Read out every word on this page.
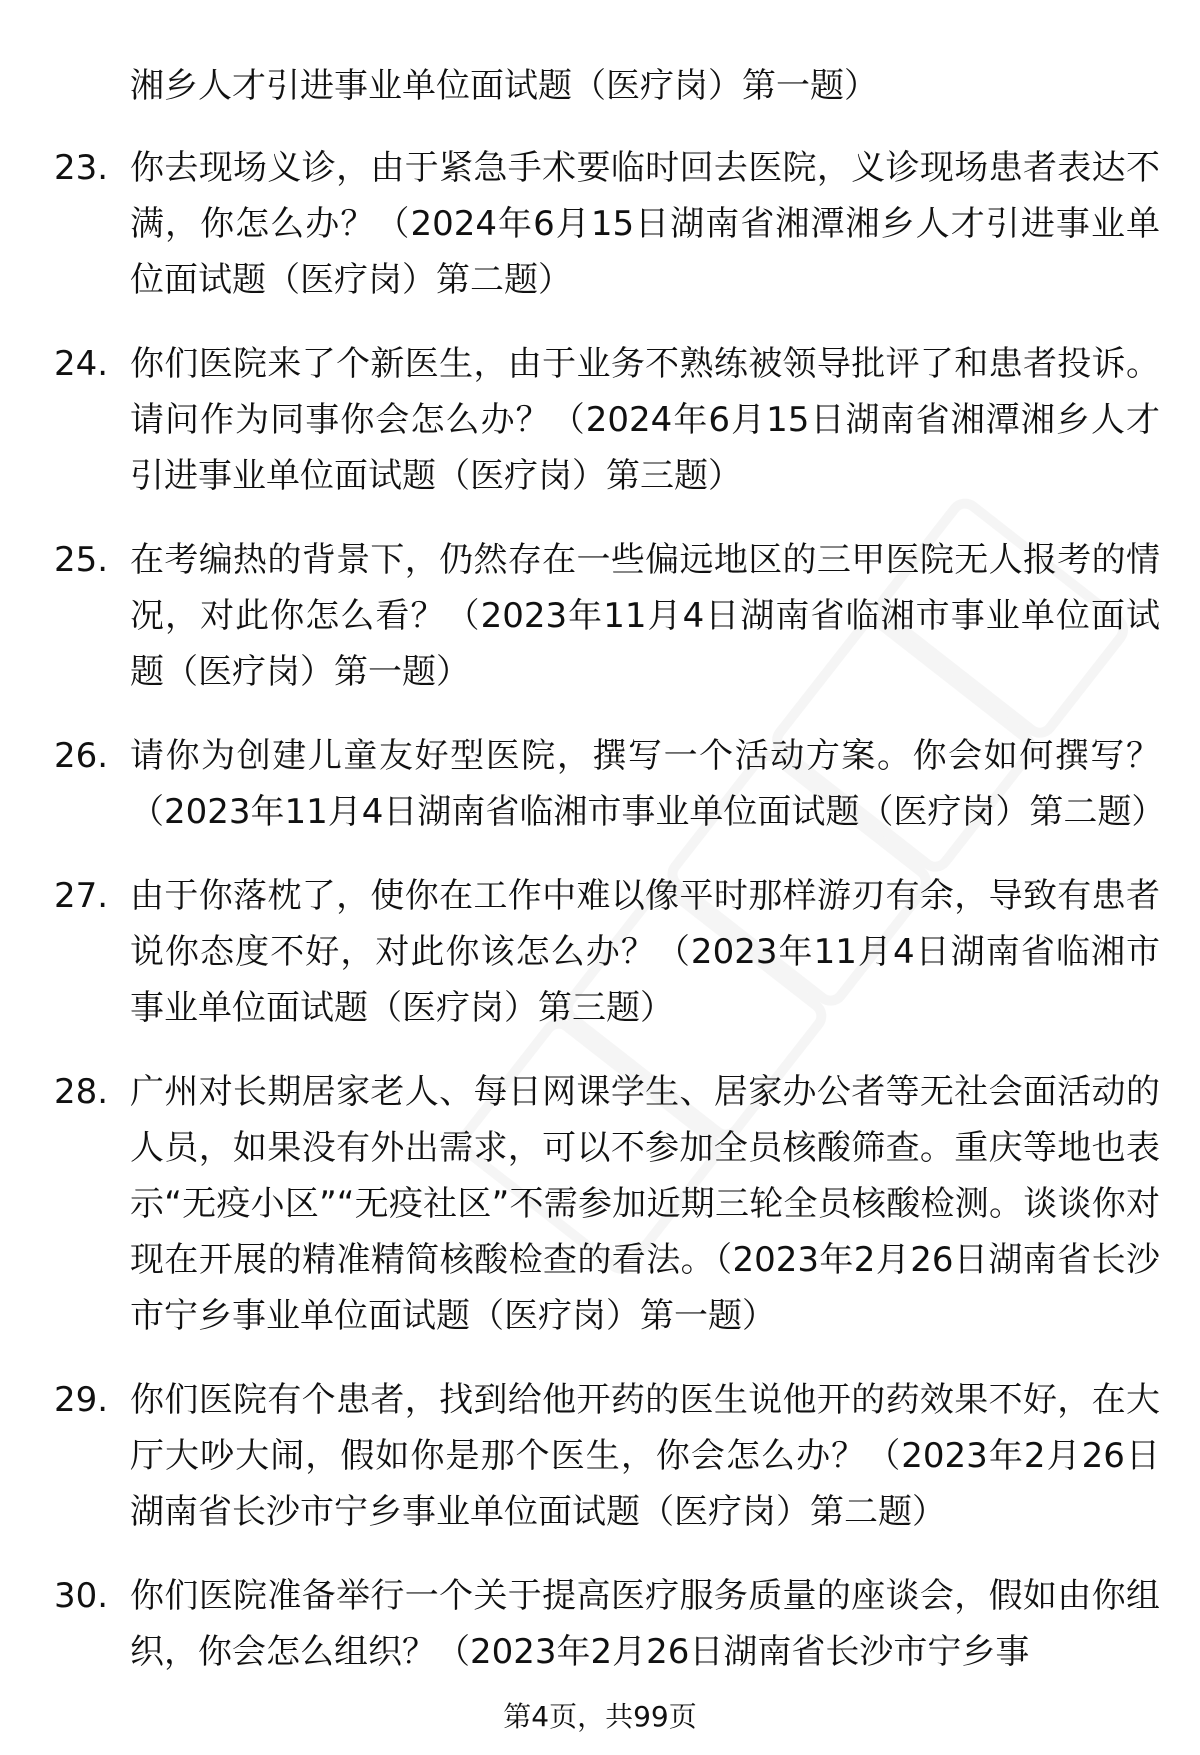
湘乡人才引进事业单位面试题（医疗岗）第一题）
23. 你去现场义诊，由于紧急手术要临时回去医院，义诊现场患者表达不满，你怎么办？（2024年6月15日湖南省湘潭湘乡人才引进事业单位面试题（医疗岗）第二题）
24. 你们医院来了个新医生，由于业务不熟练被领导批评了和患者投诉。请问作为同事你会怎么办？（2024年6月15日湖南省湘潭湘乡人才引进事业单位面试题（医疗岗）第三题）
25. 在考编热的背景下，仍然存在一些偏远地区的三甲医院无人报考的情况，对此你怎么看？（2023年11月4日湖南省临湘市事业单位面试题（医疗岗）第一题）
26. 请你为创建儿童友好型医院，撰写一个活动方案。你会如何撰写？（2023年11月4日湖南省临湘市事业单位面试题（医疗岗）第二题）
27. 由于你落枕了，使你在工作中难以像平时那样游刃有余，导致有患者说你态度不好，对此你该怎么办？（2023年11月4日湖南省临湘市事业单位面试题（医疗岗）第三题）
28. 广州对长期居家老人、每日网课学生、居家办公者等无社会面活动的人员，如果没有外出需求，可以不参加全员核酸筛查。重庆等地也表示“无疫小区”“无疫社区”不需参加近期三轮全员核酸检测。谈谈你对现在开展的精准精简核酸检查的看法。（2023年2月26日湖南省长沙市宁乡事业单位面试题（医疗岗）第一题）
29. 你们医院有个患者，找到给他开药的医生说他开的药效果不好，在大厅大吵大闹，假如你是那个医生，你会怎么办？（2023年2月26日湖南省长沙市宁乡事业单位面试题（医疗岗）第二题）
30. 你们医院准备举行一个关于提高医疗服务质量的座谈会，假如由你组织，你会怎么组织？（2023年2月26日湖南省长沙市宁乡事
第4页，共99页
